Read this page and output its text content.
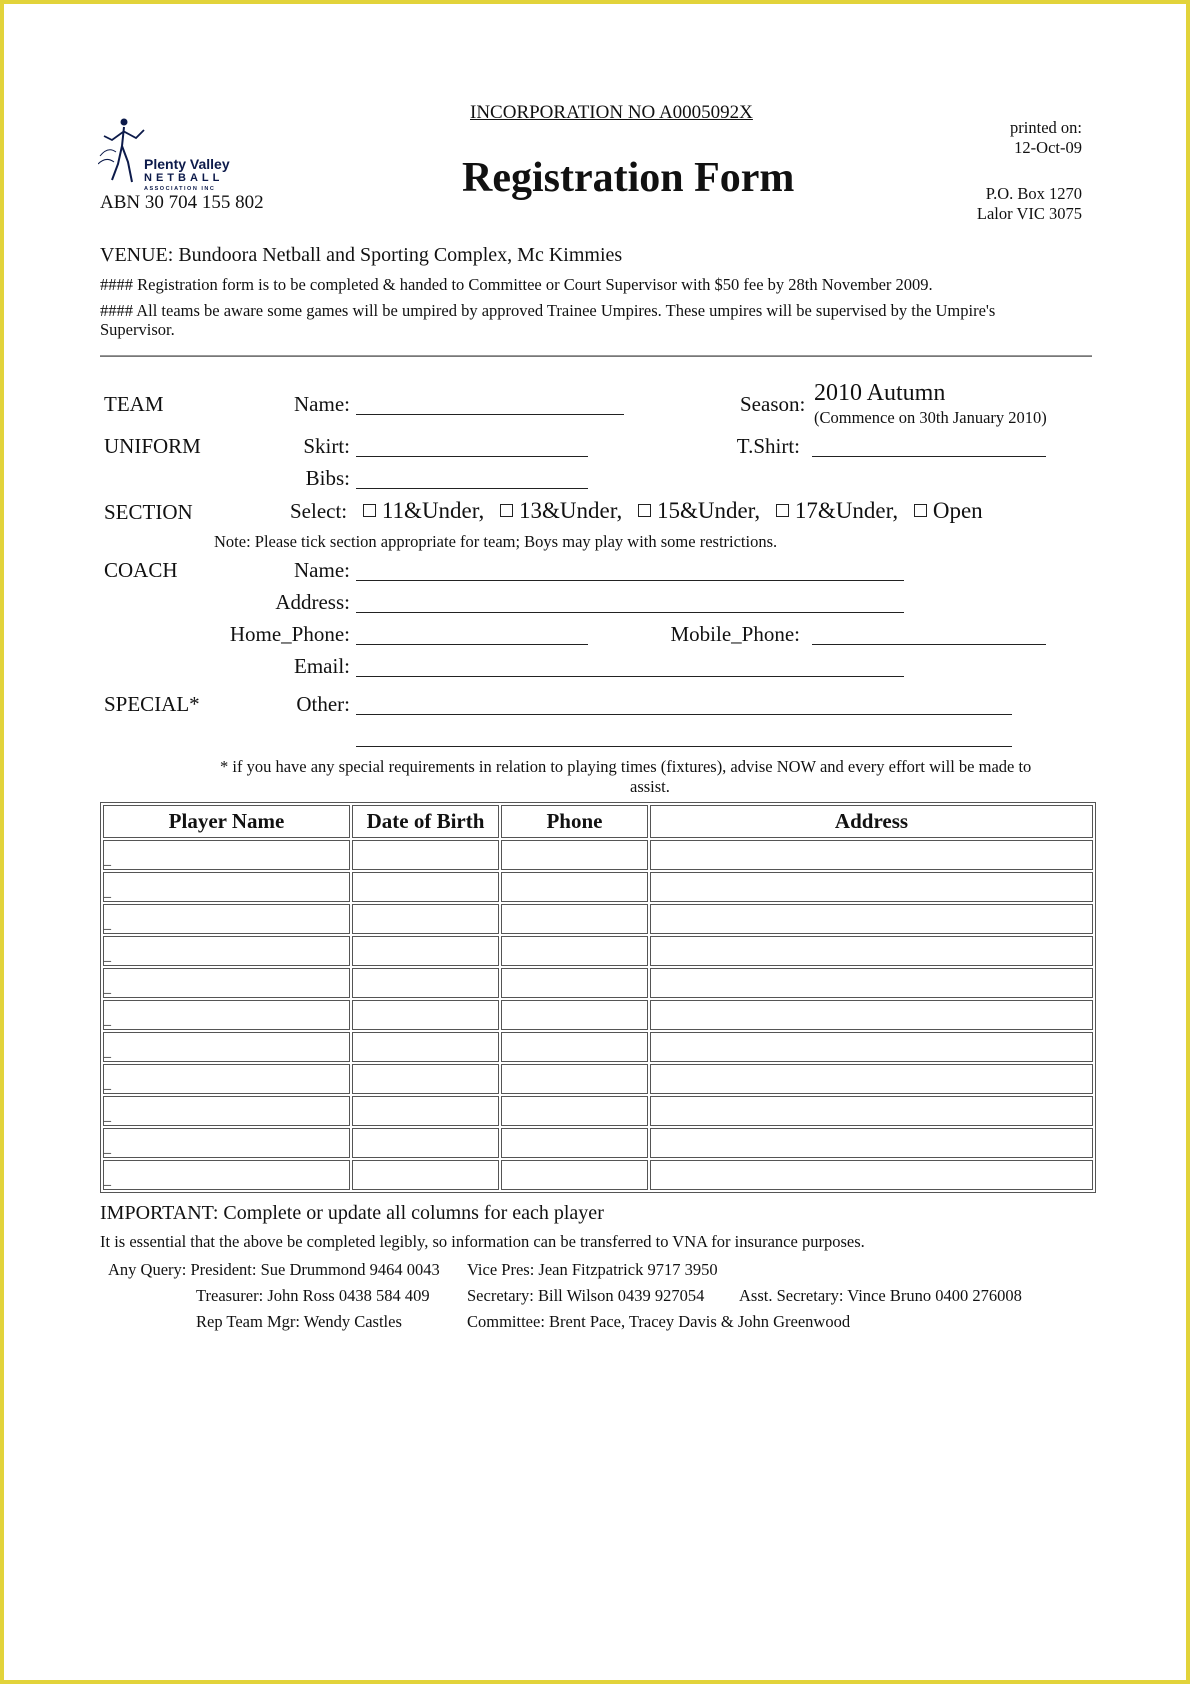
Plenty Valley
NETBALL
ASSOCIATION INC
ABN 30 704 155 802
INCORPORATION NO A0005092X
Registration Form
printed on:
12-Oct-09
P.O. Box 1270
Lalor VIC 3075
VENUE: Bundoora Netball and Sporting Complex, Mc Kimmies
#### Registration form is to be completed & handed to Committee or Court Supervisor with $50 fee by 28th November 2009.
#### All teams be aware some games will be umpired by approved Trainee Umpires. These umpires will be supervised by the Umpire's
Supervisor.
TEAM	Name:	Season: 2010 Autumn
(Commence on 30th January 2010)
UNIFORM	Skirt:	T.Shirt:
Bibs:
SECTION	Select: 11&Under, 13&Under, 15&Under, 17&Under, Open
Note: Please tick section appropriate for team; Boys may play with some restrictions.
COACH	Name:
Address:
Home_Phone:	Mobile_Phone:
Email:
SPECIAL*	Other:
* if you have any special requirements in relation to playing times (fixtures), advise NOW and every effort will be made to
assist.
Player Name	Date of Birth	Phone	Address
_			
_			
_			
_			
_			
_			
_			
_			
_			
_			
_			
IMPORTANT: Complete or update all columns for each player
It is essential that the above be completed legibly, so information can be transferred to VNA for insurance purposes.
Any Query: President: Sue Drummond 9464 0043 Vice Pres: Jean Fitzpatrick 9717 3950
Treasurer: John Ross 0438 584 409 Secretary: Bill Wilson 0439 927054 Asst. Secretary: Vince Bruno 0400 276008
Rep Team Mgr: Wendy Castles	Committee: Brent Pace, Tracey Davis & John Greenwood
